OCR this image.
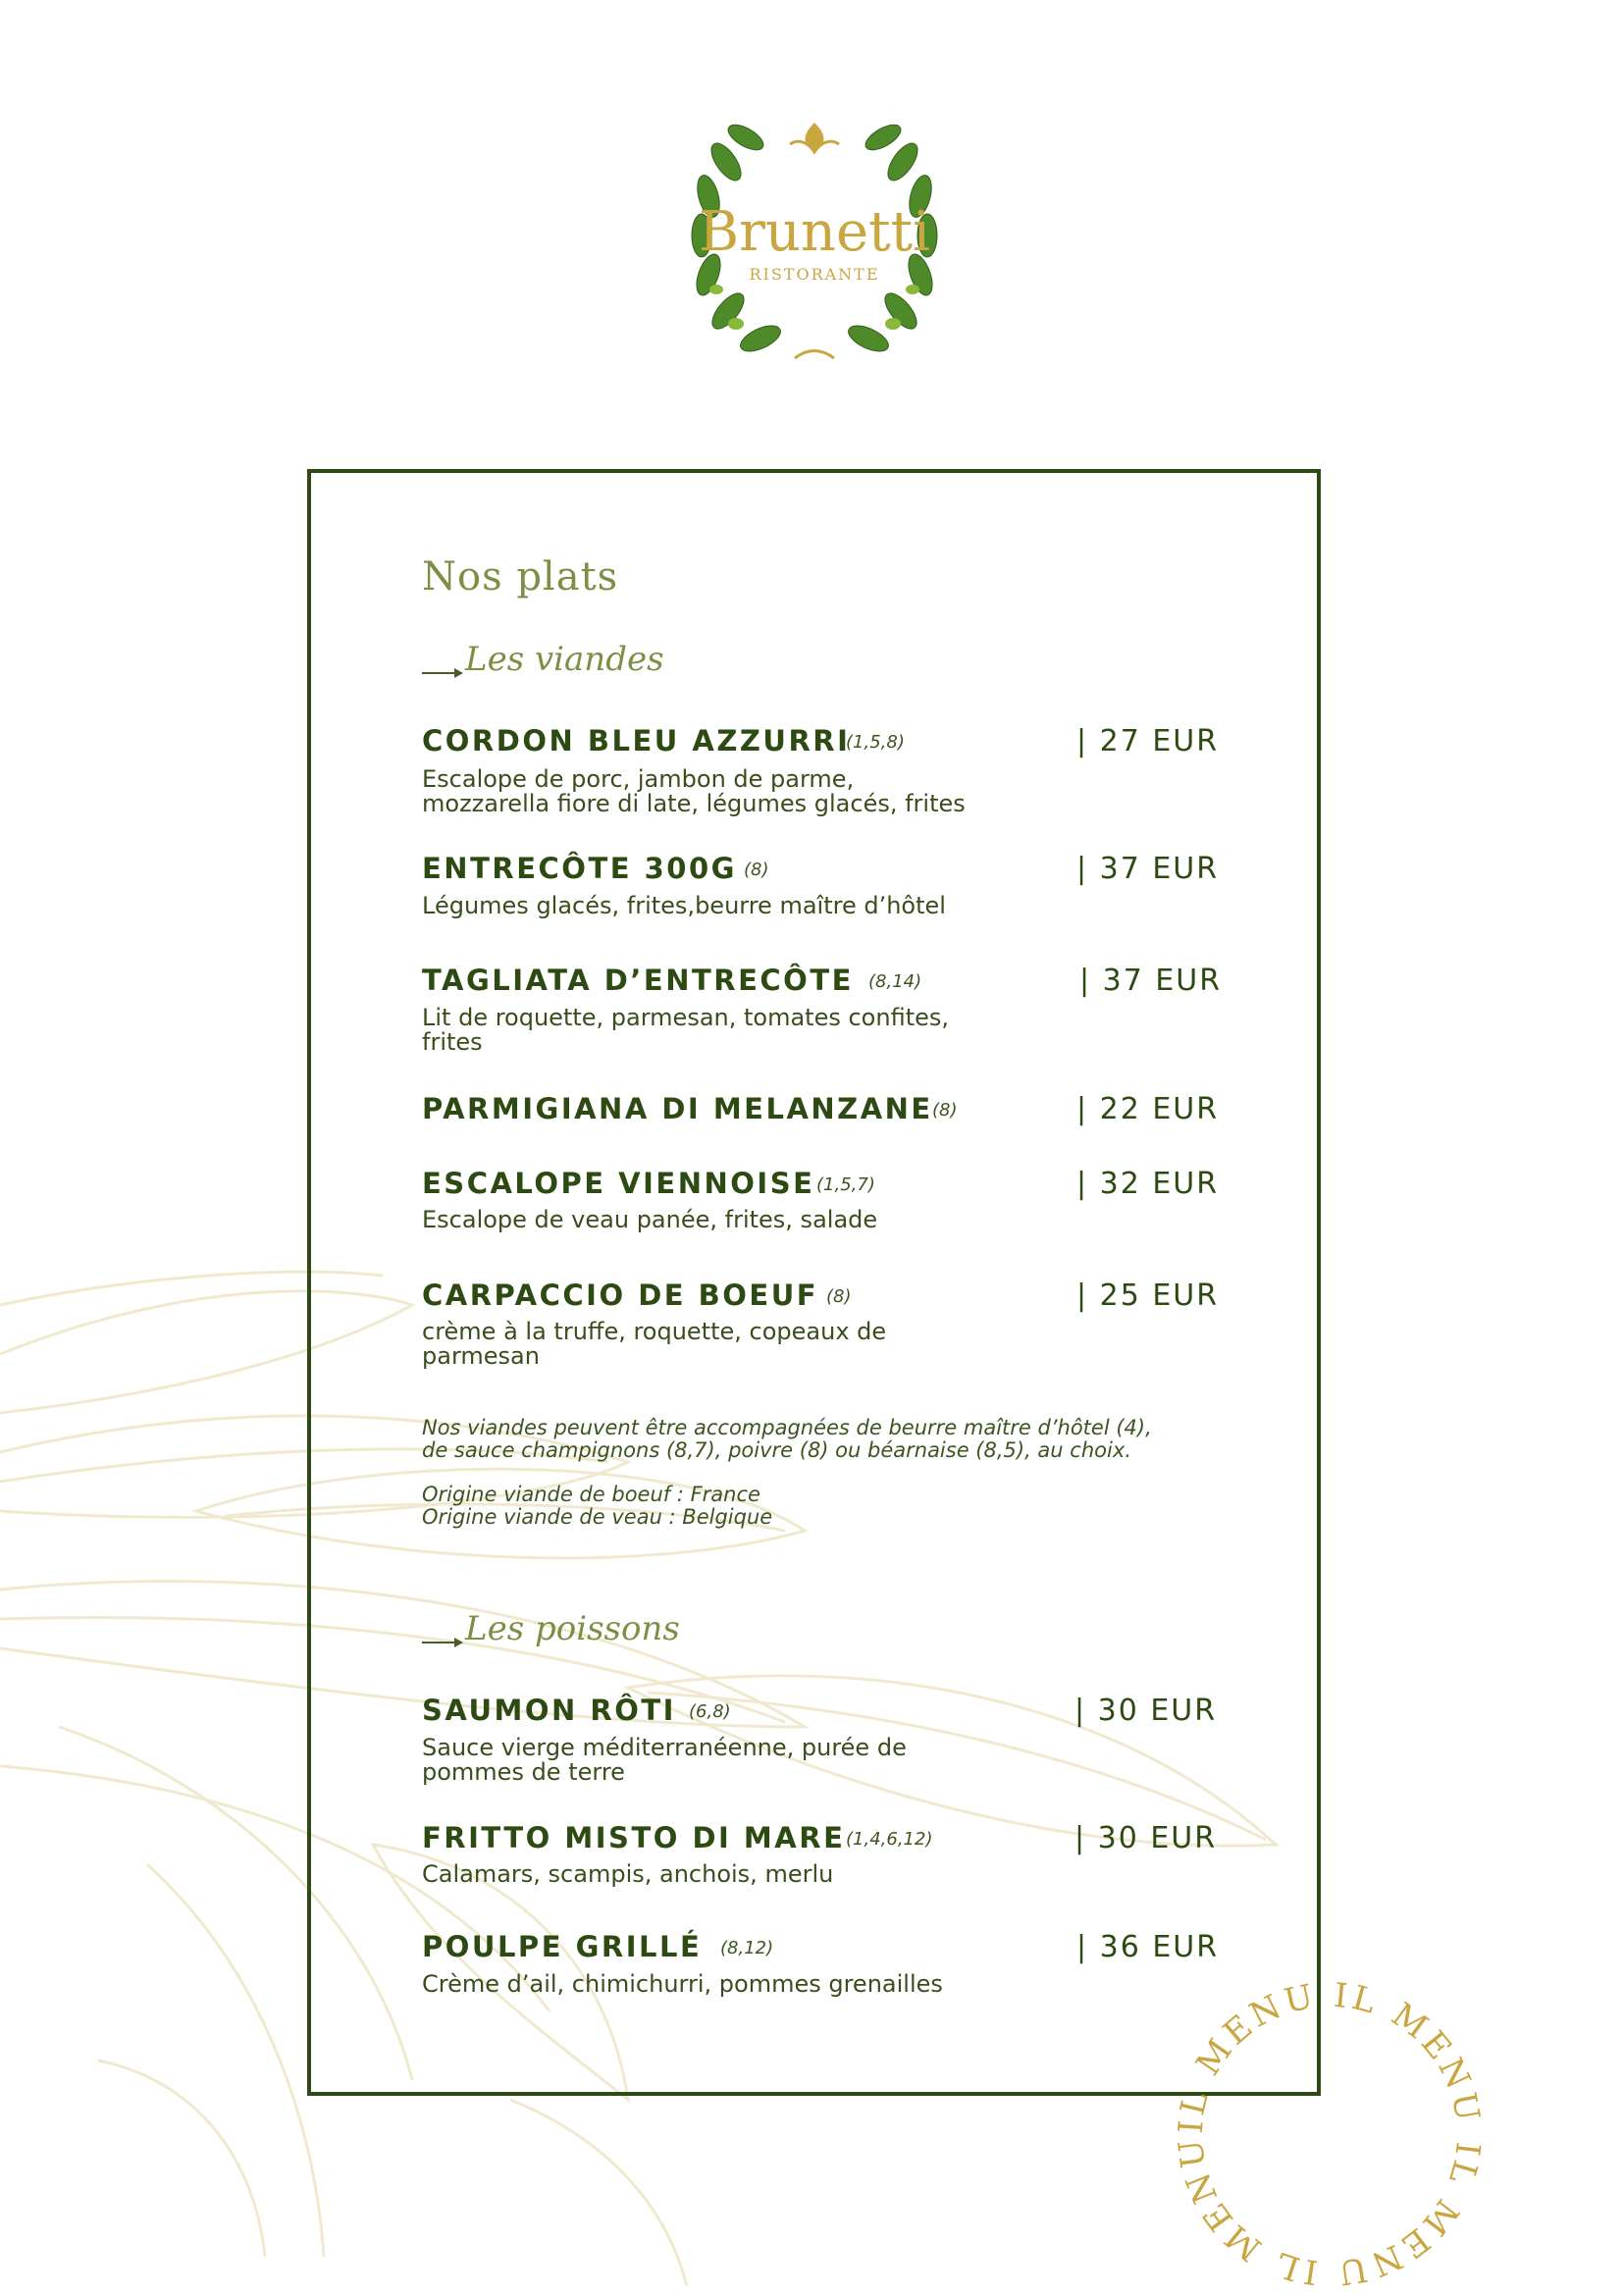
Brunetti
RISTORANTE
Nos plats
Les viandes
CORDON BLEU AZZURRI
(1,5,8)	| 27 EUR
Escalope de porc, jambon de parme,
mozzarella fiore di late, légumes glacés, frites
ENTRECÔTE 300G (8)	| 37 EUR
Légumes glacés, frites,beurre maître d’hôtel
TAGLIATA D’ENTRECÔTE (8,14)	| 37 EUR
Lit de roquette, parmesan, tomates confites,
frites
PARMIGIANA DI MELANZANE (8)	| 22 EUR
ESCALOPE VIENNOISE (1,5,7)	| 32 EUR
Escalope de veau panée, frites, salade
CARPACCIO DE BOEUF (8)	| 25 EUR
crème à la truffe, roquette, copeaux de
parmesan
Nos viandes peuvent être accompagnées de beurre maître d’hôtel (4),
de sauce champignons (8,7), poivre (8) ou béarnaise (8,5), au choix.
Origine viande de boeuf : France
Origine viande de veau : Belgique
Les poissons
SAUMON RÔTI (6,8)	| 30 EUR
Sauce vierge méditerranéenne, purée de
pommes de terre
FRITTO MISTO DI MARE (1,4,6,12)	| 30 EUR
Calamars, scampis, anchois, merlu
POULPE GRILLÉ (8,12)	| 36 EUR
Crème d’ail, chimichurri, pommes grenailles
IL MENU IL MENU IL MENU IL MENU
